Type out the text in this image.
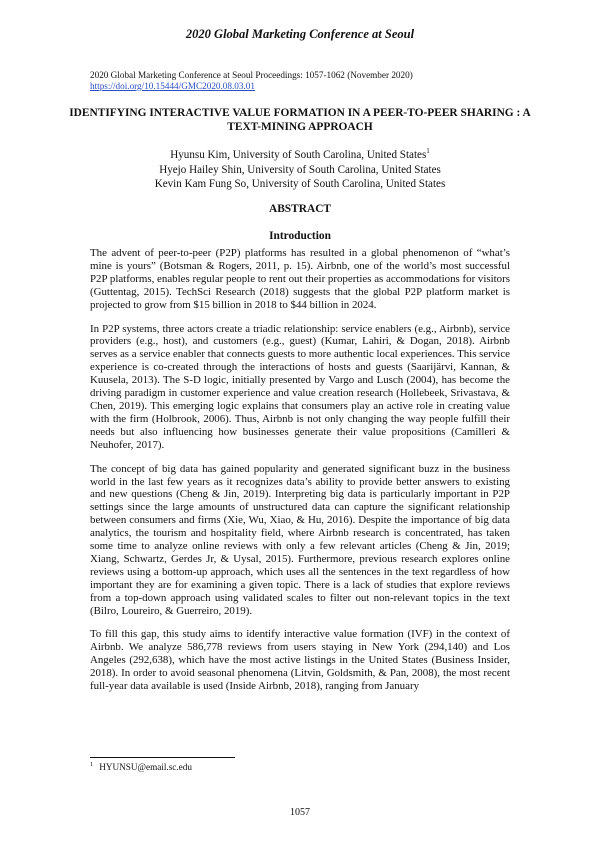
2020 Global Marketing Conference at Seoul
2020 Global Marketing Conference at Seoul Proceedings: 1057-1062 (November 2020)
https://doi.org/10.15444/GMC2020.08.03.01
IDENTIFYING INTERACTIVE VALUE FORMATION IN A PEER-TO-PEER SHARING : A TEXT-MINING APPROACH
Hyunsu Kim, University of South Carolina, United States$^1$
Hyejo Hailey Shin, University of South Carolina, United States
Kevin Kam Fung So, University of South Carolina, United States
ABSTRACT
Introduction

The advent of peer-to-peer (P2P) platforms has resulted in a global phenomenon of “what’s mine is yours” (Botsman & Rogers, 2011, p. 15). Airbnb, one of the world’s most successful P2P platforms, enables regular people to rent out their properties as accommodations for visitors (Guttentag, 2015). TechSci Research (2018) suggests that the global P2P platform market is projected to grow from $15 billion in 2018 to $44 billion in 2024.

In P2P systems, three actors create a triadic relationship: service enablers (e.g., Airbnb), service providers (e.g., host), and customers (e.g., guest) (Kumar, Lahiri, & Dogan, 2018). Airbnb serves as a service enabler that connects guests to more authentic local experiences. This service experience is co-created through the interactions of hosts and guests (Saarijärvi, Kannan, & Kuusela, 2013). The S-D logic, initially presented by Vargo and Lusch (2004), has become the driving paradigm in customer experience and value creation research (Hollebeek, Srivastava, & Chen, 2019). This emerging logic explains that consumers play an active role in creating value with the firm (Holbrook, 2006). Thus, Airbnb is not only changing the way people fulfill their needs but also influencing how businesses generate their value propositions (Camilleri & Neuhofer, 2017).

The concept of big data has gained popularity and generated significant buzz in the business world in the last few years as it recognizes data’s ability to provide better answers to existing and new questions (Cheng & Jin, 2019). Interpreting big data is particularly important in P2P settings since the large amounts of unstructured data can capture the significant relationship between consumers and firms (Xie, Wu, Xiao, & Hu, 2016). Despite the importance of big data analytics, the tourism and hospitality field, where Airbnb research is concentrated, has taken some time to analyze online reviews with only a few relevant articles (Cheng & Jin, 2019; Xiang, Schwartz, Gerdes Jr, & Uysal, 2015). Furthermore, previous research explores online reviews using a bottom-up approach, which uses all the sentences in the text regardless of how important they are for examining a given topic. There is a lack of studies that explore reviews from a top-down approach using validated scales to filter out non-relevant topics in the text (Bilro, Loureiro, & Guerreiro, 2019).

To fill this gap, this study aims to identify interactive value formation (IVF) in the context of Airbnb. We analyze 586,778 reviews from users staying in New York (294,140) and Los Angeles (292,638), which have the most active listings in the United States (Business Insider, 2018). In order to avoid seasonal phenomena (Litvin, Goldsmith, & Pan, 2008), the most recent full-year data available is used (Inside Airbnb, 2018), ranging from January

$^1$ HYUNSU@email.sc.edu
1057
